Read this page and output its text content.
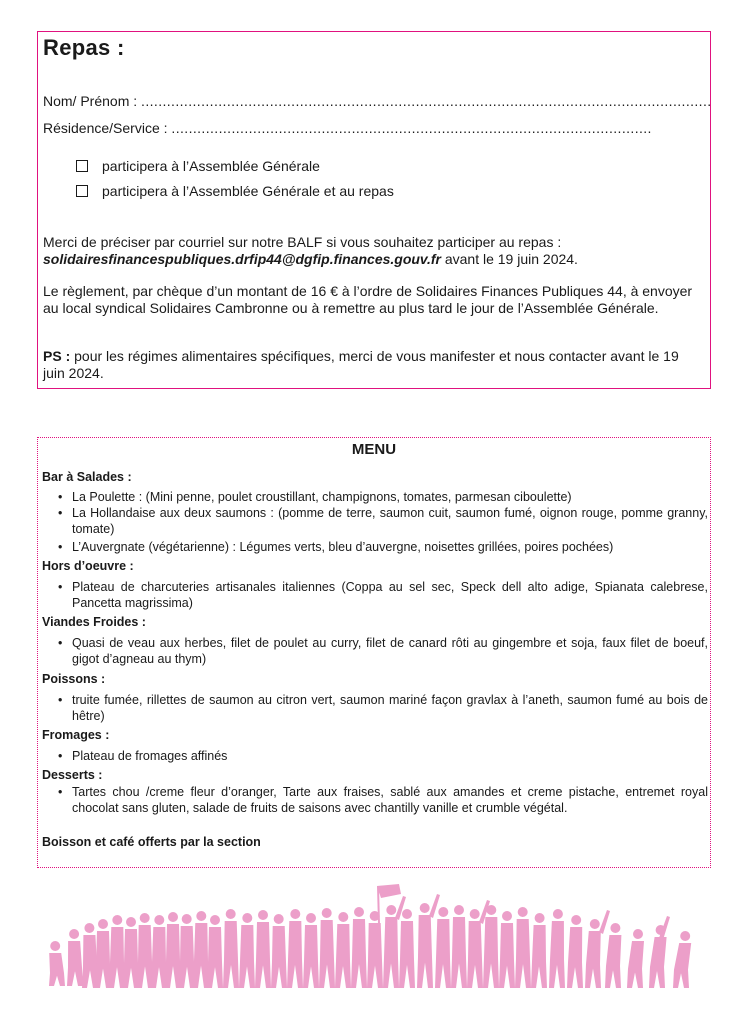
Repas :
Nom/ Prénom : .....................................................................................................................................
Résidence/Service : ................................................................................................................
participera à l’Assemblée Générale
participera à l’Assemblée Générale et au repas
Merci de préciser par courriel sur notre BALF si vous souhaitez participer au repas :
solidairesfinancespubliques.drfip44@dgfip.finances.gouv.fr avant le 19 juin 2024.
Le règlement, par chèque d’un montant de 16 € à l’ordre de Solidaires Finances Publiques 44, à envoyer au local syndical Solidaires Cambronne ou à remettre au plus tard le jour de l’Assemblée Générale.
PS : pour les régimes alimentaires spécifiques, merci de vous manifester et nous contacter avant le 19 juin 2024.
MENU
Bar à Salades :
• La Poulette : (Mini penne, poulet croustillant, champignons, tomates, parmesan ciboulette)
• La Hollandaise aux deux saumons : (pomme de terre, saumon cuit, saumon fumé, oignon rouge, pomme granny, tomate)
• L’Auvergnate (végétarienne) : Légumes verts, bleu d’auvergne, noisettes grillées, poires pochées)
Hors d’oeuvre :
• Plateau de charcuteries artisanales italiennes (Coppa au sel sec, Speck dell alto adige, Spianata calebrese, Pancetta magrissima)
Viandes Froides :
• Quasi de veau aux herbes, filet de poulet au curry, filet de canard rôti au gingembre et soja, faux filet de boeuf, gigot d’agneau au thym)
Poissons :
• truite fumée, rillettes de saumon au citron vert, saumon mariné façon gravlax à l’aneth, saumon fumé au bois de hêtre)
Fromages :
• Plateau de fromages affinés
Desserts :
• Tartes chou /creme fleur d’oranger, Tarte aux fraises, sablé aux amandes et creme pistache, entremet royal chocolat sans gluten, salade de fruits de saisons avec chantilly vanille et crumble végétal.
Boisson et café offerts par la section
